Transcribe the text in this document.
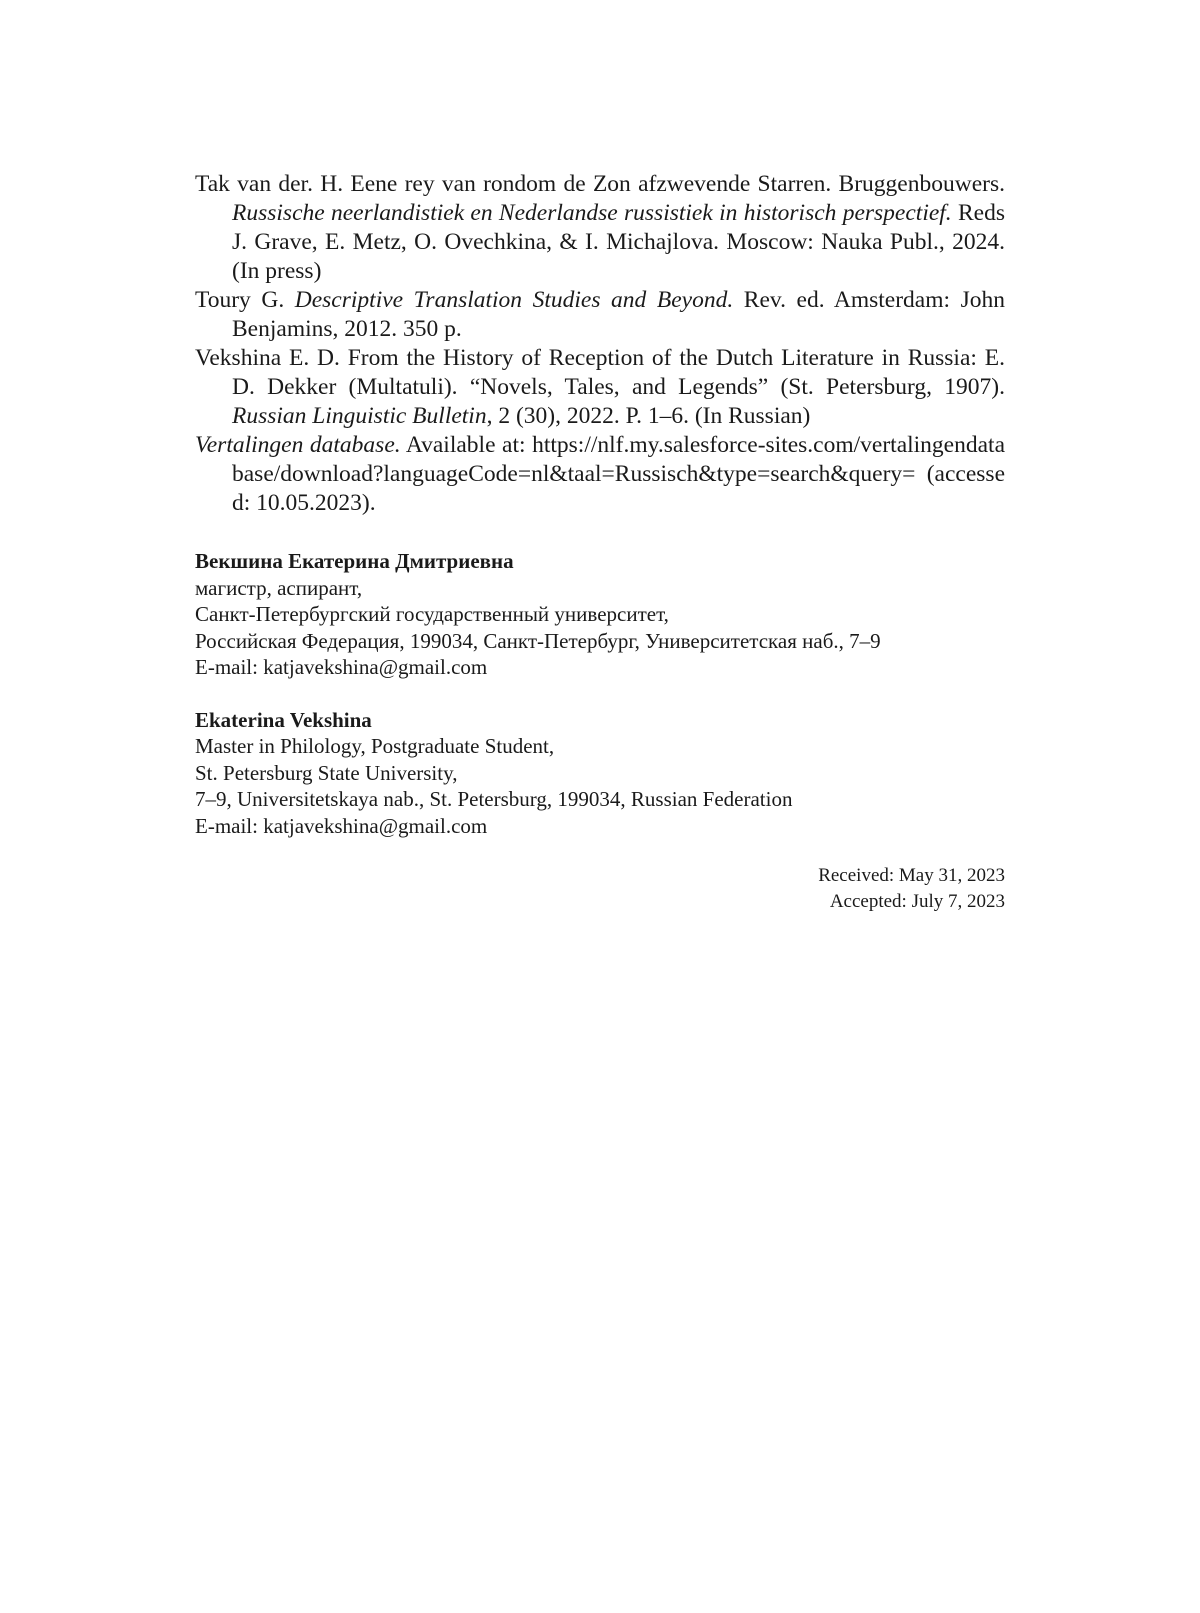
Tak van der. H. Eene rey van rondom de Zon afzwevende Starren. Bruggenbouwers. Russische neerlandistiek en Nederlandse russistiek in historisch perspectief. Reds J. Grave, E. Metz, O. Ovechkina, & I. Michajlova. Moscow: Nauka Publ., 2024. (In press)

Toury G. Descriptive Translation Studies and Beyond. Rev. ed. Amsterdam: John Benjamins, 2012. 350 p.

Vekshina E. D. From the History of Reception of the Dutch Literature in Russia: E. D. Dekker (Multatuli). “Novels, Tales, and Legends” (St. Petersburg, 1907). Russian Linguistic Bulletin, 2 (30), 2022. P. 1–6. (In Russian)

Vertalingen database. Available at: https://nlf.my.salesforce-sites.com/vertalingendatabase/download?languageCode=nl&taal=Russisch&type=search&query= (accessed: 10.05.2023).

Векшина Екатерина Дмитриевна
магистр, аспирант,
Санкт-Петербургский государственный университет,
Российская Федерация, 199034, Санкт-Петербург, Университетская наб., 7–9
E-mail: katjavekshina@gmail.com
Ekaterina Vekshina
Master in Philology, Postgraduate Student,
St. Petersburg State University,
7–9, Universitetskaya nab., St. Petersburg, 199034, Russian Federation
E-mail: katjavekshina@gmail.com
Received: May 31, 2023
Accepted: July 7, 2023
